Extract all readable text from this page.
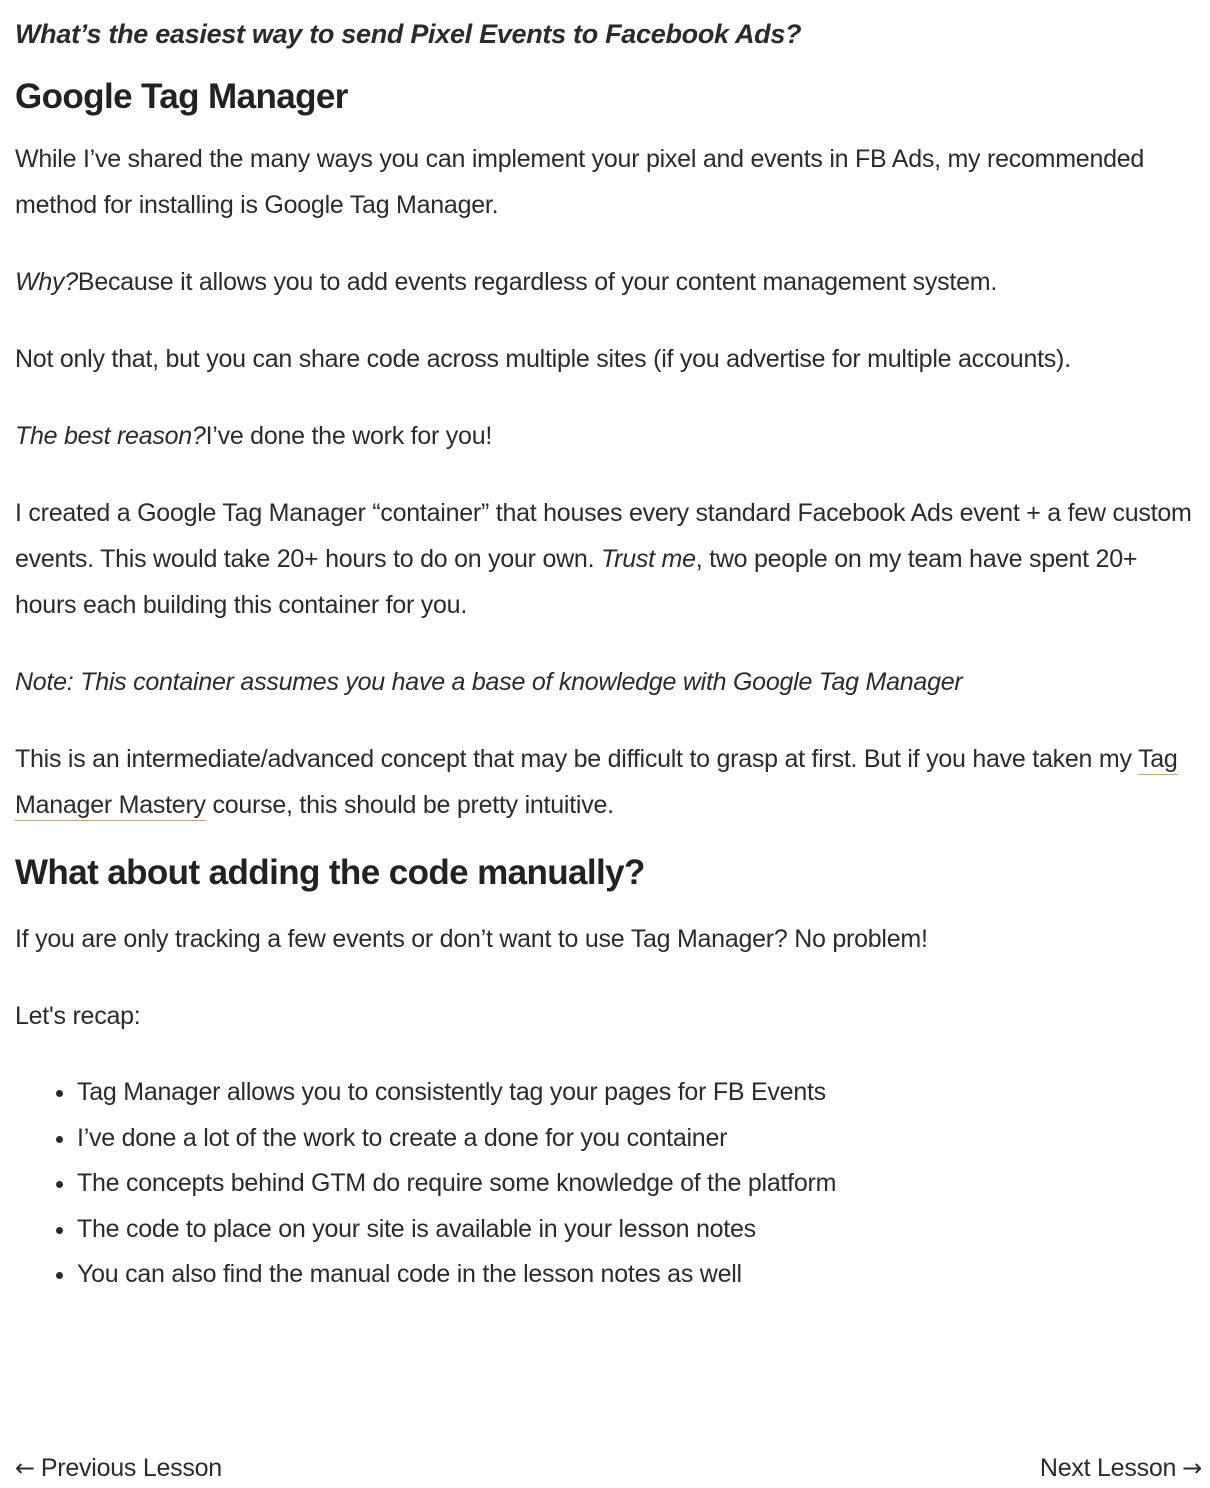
What’s the easiest way to send Pixel Events to Facebook Ads?

Google Tag Manager

While I’ve shared the many ways you can implement your pixel and events in FB Ads, my recommended method for installing is Google Tag Manager.

Why?Because it allows you to add events regardless of your content management system.

Not only that, but you can share code across multiple sites (if you advertise for multiple accounts).

The best reason?I’ve done the work for you!

I created a Google Tag Manager “container” that houses every standard Facebook Ads event + a few custom events. This would take 20+ hours to do on your own. Trust me, two people on my team have spent 20+ hours each building this container for you.

Note: This container assumes you have a base of knowledge with Google Tag Manager

This is an intermediate/advanced concept that may be difficult to grasp at first. But if you have taken my Tag Manager Mastery course, this should be pretty intuitive.

What about adding the code manually?

If you are only tracking a few events or don’t want to use Tag Manager? No problem!

Let's recap:

• Tag Manager allows you to consistently tag your pages for FB Events
• I’ve done a lot of the work to create a done for you container
• The concepts behind GTM do require some knowledge of the platform
• The code to place on your site is available in your lesson notes
• You can also find the manual code in the lesson notes as well
← Previous Lesson	Next Lesson →
